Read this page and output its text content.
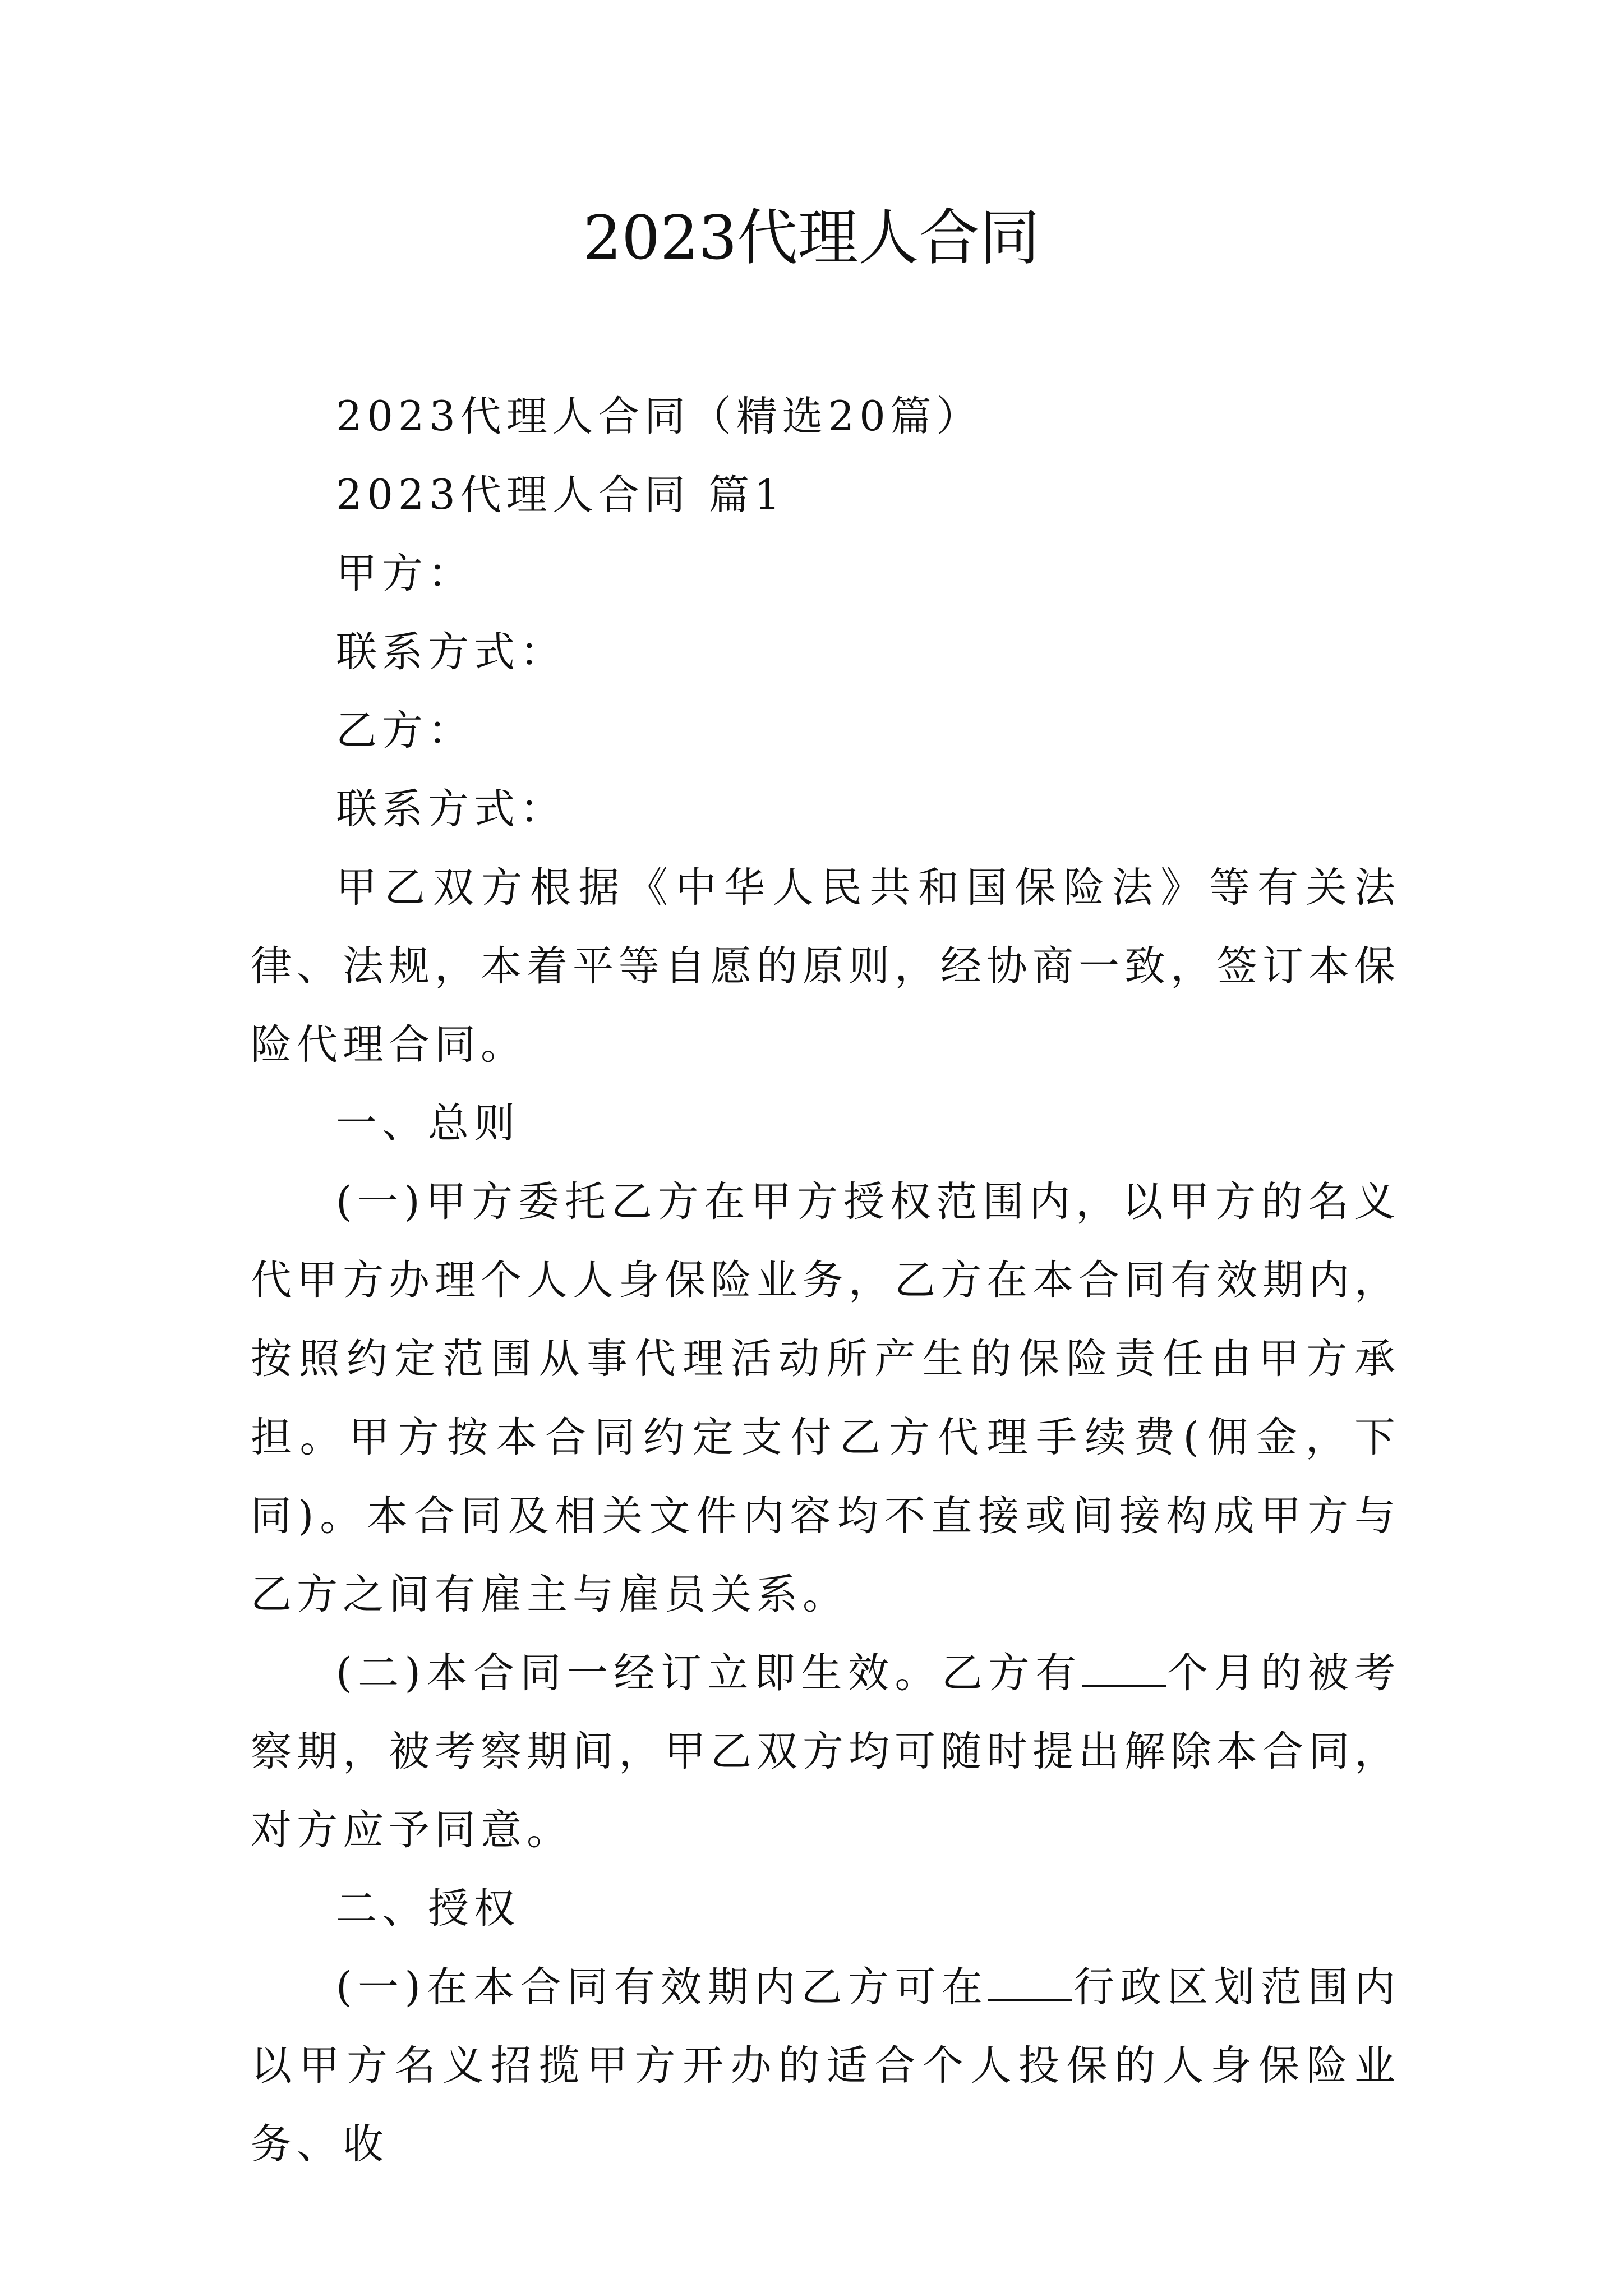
2023代理人合同

2023代理人合同（精选20篇）

2023代理人合同 篇1

甲方：

联系方式：

乙方：

联系方式：

甲乙双方根据《中华人民共和国保险法》等有关法律、法规，本着平等自愿的原则，经协商一致，签订本保险代理合同。

一、总则

(一)甲方委托乙方在甲方授权范围内，以甲方的名义代甲方办理个人人身保险业务，乙方在本合同有效期内，按照约定范围从事代理活动所产生的保险责任由甲方承担。甲方按本合同约定支付乙方代理手续费(佣金，下同)。本合同及相关文件内容均不直接或间接构成甲方与乙方之间有雇主与雇员关系。

(二)本合同一经订立即生效。乙方有 个月的被考察期，被考察期间，甲乙双方均可随时提出解除本合同，对方应予同意。

二、授权

(一)在本合同有效期内乙方可在 行政区划范围内以甲方名义招揽甲方开办的适合个人投保的人身保险业务、收
